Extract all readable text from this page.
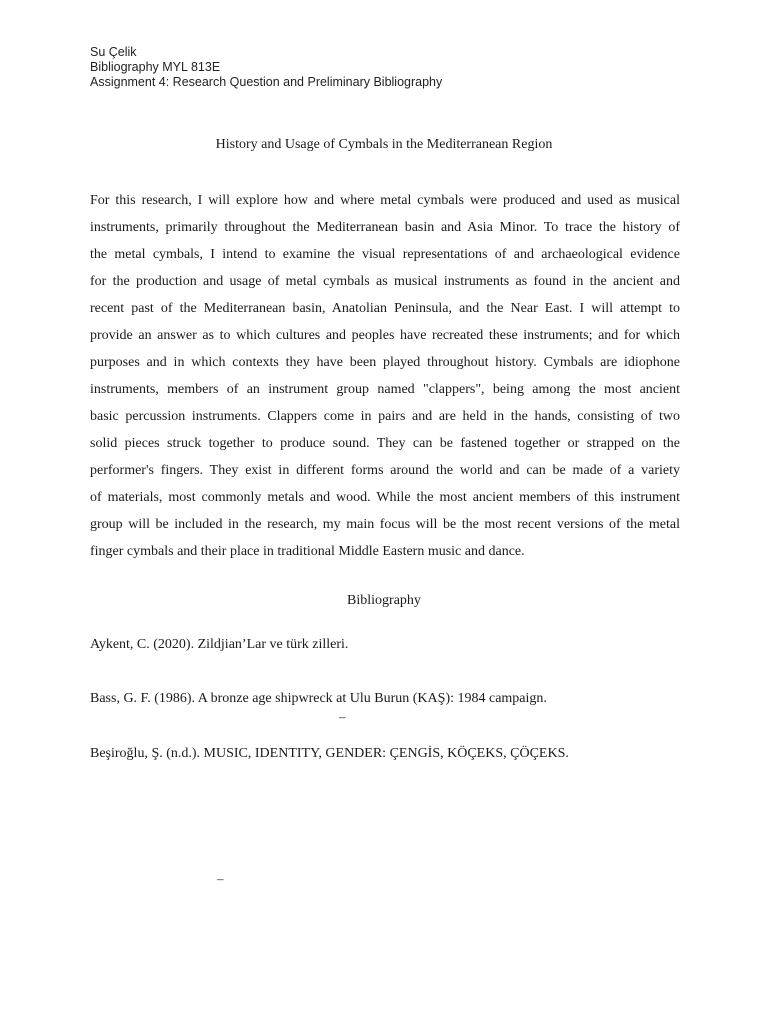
Su Çelik
Bibliography MYL 813E
Assignment 4: Research Question and Preliminary Bibliography
History and Usage of Cymbals in the Mediterranean Region
For this research, I will explore how and where metal cymbals were produced and used as musical
instruments, primarily throughout the Mediterranean basin and Asia Minor. To trace the history of
the metal cymbals, I intend to examine the visual representations of and archaeological evidence
for the production and usage of metal cymbals as musical instruments as found in the ancient and
recent past of the Mediterranean basin, Anatolian Peninsula, and the Near East. I will attempt to
provide an answer as to which cultures and peoples have recreated these instruments; and for which
purposes and in which contexts they have been played throughout history. Cymbals are idiophone
instruments, members of an instrument group named "clappers", being among the most ancient
basic percussion instruments. Clappers come in pairs and are held in the hands, consisting of two
solid pieces struck together to produce sound. They can be fastened together or strapped on the
performer's fingers. They exist in different forms around the world and can be made of a variety
of materials, most commonly metals and wood. While the most ancient members of this instrument
group will be included in the research, my main focus will be the most recent versions of the metal
finger cymbals and their place in traditional Middle Eastern music and dance.
Bibliography
Aykent, C. (2020). Zildjian’Lar ve türk zilleri.
Bass, G. F. (1986). A bronze age shipwreck at Ulu Burun (KAŞ): 1984 campaign.
–
Beşiroğlu, Ş. (n.d.). MUSIC, IDENTITY, GENDER: ÇENGİS, KÖÇEKS, ÇÖÇEKS.
–
